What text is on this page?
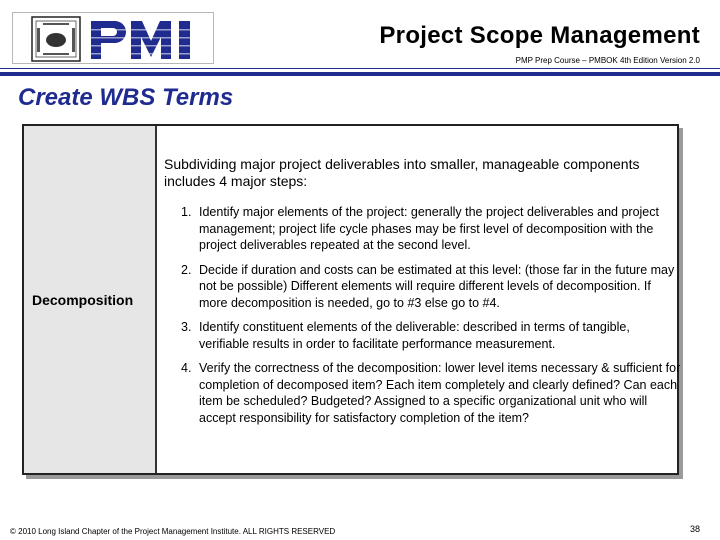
Project Scope Management
PMP Prep Course – PMBOK 4th Edition Version 2.0
Create WBS Terms
Decomposition
Subdividing major project deliverables into smaller, manageable components includes 4 major steps:
1. Identify major elements of the project: generally the project deliverables and project management; project life cycle phases may be first level of decomposition with the project deliverables repeated at the second level.
2. Decide if duration and costs can be estimated at this level: (those far in the future may not be possible) Different elements will require different levels of decomposition. If more decomposition is needed, go to #3 else go to #4.
3. Identify constituent elements of the deliverable: described in terms of tangible, verifiable results in order to facilitate performance measurement.
4. Verify the correctness of the decomposition: lower level items necessary & sufficient for completion of decomposed item? Each item completely and clearly defined? Can each item be scheduled? Budgeted? Assigned to a specific organizational unit who will accept responsibility for satisfactory completion of the item?
© 2010 Long Island Chapter of the Project Management Institute. ALL RIGHTS RESERVED	38
